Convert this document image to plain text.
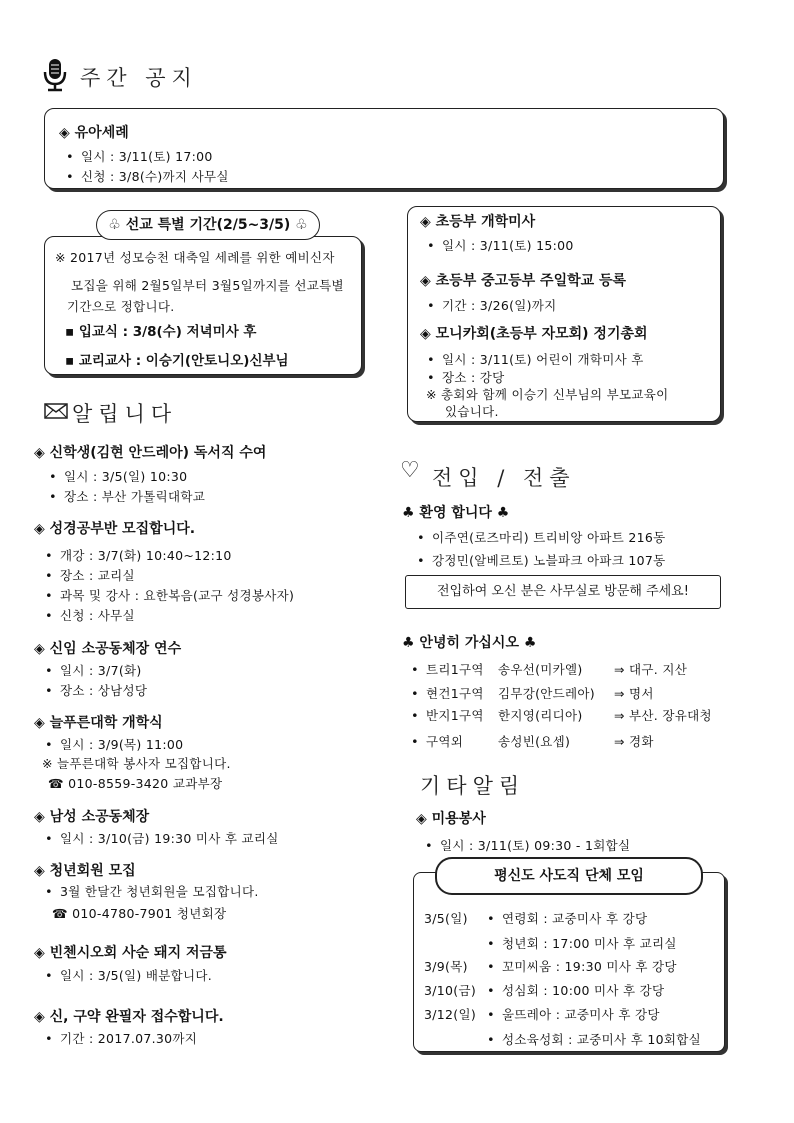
주간 공지
◈ 유아세례
• 일시 : 3/11(토) 17:00
• 신청 : 3/8(수)까지 사무실
※ 2017년 성모승천 대축일 세례를 위한 예비신자
모집을 위해 2월5일부터 3월5일까지를 선교특별
기간으로 정합니다.
▪ 입교식 : 3/8(수) 저녁미사 후
▪ 교리교사 : 이승기(안토니오)신부님
♧ 선교 특별 기간(2/5~3/5) ♧	◈ 초등부 개학미사
• 일시 : 3/11(토) 15:00
◈ 초등부 중고등부 주일학교 등록
• 기간 : 3/26(일)까지
◈ 모니카회(초등부 자모회) 정기총회
• 일시 : 3/11(토) 어린이 개학미사 후
• 장소 : 강당
※ 총회와 함께 이승기 신부님의 부모교육이
있습니다.
알립니다
◈ 신학생(김현 안드레아) 독서직 수여
• 일시 : 3/5(일) 10:30
• 장소 : 부산 가톨릭대학교
◈ 성경공부반 모집합니다.
• 개강 : 3/7(화) 10:40~12:10
• 장소 : 교리실
• 과목 및 강사 : 요한복음(교구 성경봉사자)
• 신청 : 사무실
◈ 신임 소공동체장 연수
• 일시 : 3/7(화)
• 장소 : 상남성당
◈ 늘푸른대학 개학식
• 일시 : 3/9(목) 11:00
※ 늘푸른대학 봉사자 모집합니다.
☎ 010-8559-3420 교과부장
◈ 남성 소공동체장
• 일시 : 3/10(금) 19:30 미사 후 교리실
◈ 청년회원 모집
• 3월 한달간 청년회원을 모집합니다.
☎ 010-4780-7901 청년회장
◈ 빈첸시오회 사순 돼지 저금통
• 일시 : 3/5(일) 배분합니다.
◈ 신, 구약 완필자 접수합니다.
• 기간 : 2017.07.30까지
♡ 전입 / 전출
♣ 환영 합니다 ♣
• 이주연(로즈마리) 트리비앙 아파트 216동
• 강정민(알베르토) 노블파크 아파크 107동
전입하여 오신 분은 사무실로 방문해 주세요!
♣ 안녕히 가십시오 ♣
• 트리1구역 송우선(미카엘)	⇒ 대구. 지산
• 현건1구역 김무강(안드레아) ⇒ 명서
• 반지1구역 한지영(리디아)	⇒ 부산. 장유대청
• 구역외	송성빈(요셉)	⇒ 경화
기타알림
◈ 미용봉사
• 일시 : 3/11(토) 09:30 - 1회합실
3/5(일) • 연령회 : 교중미사 후 강당
• 청년회 : 17:00 미사 후 교리실
3/9(목) • 꼬미씨움 : 19:30 미사 후 강당
3/10(금) • 성심회 : 10:00 미사 후 강당
3/12(일) • 울뜨레아 : 교중미사 후 강당
• 성소육성회 : 교중미사 후 10회합실
평신도 사도직 단체 모임
